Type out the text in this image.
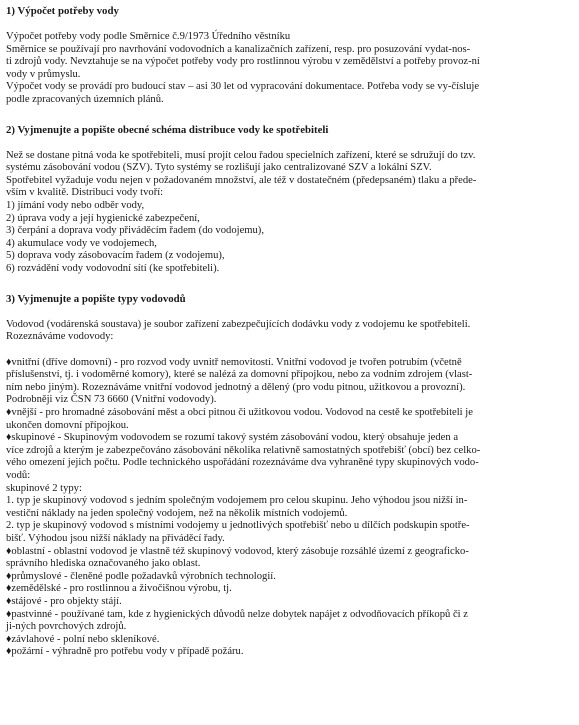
1) Výpočet potřeby vody
Výpočet potřeby vody podle Směrnice č.9/1973 Úředního věstníku
Směrnice se používají pro navrhování vodovodních a kanalizačních zařízení, resp. pro posuzování vydat-nos-
ti zdrojů vody. Nevztahuje se na výpočet potřeby vody pro rostlinnou výrobu v zemědělství a potřeby provoz-ní
vody v průmyslu.
Výpočet vody se provádí pro budoucí stav – asi 30 let od vypracování dokumentace. Potřeba vody se vy-čísluje
podle zpracovaných územních plánů.
2) Vyjmenujte a popište obecné schéma distribuce vody ke spotřebiteli
Než se dostane pitná voda ke spotřebiteli, musí projít celou řadou specielních zařízení, které se sdružují do tzv.
systému zásobování vodou (SZV). Tyto systémy se rozlišují jako centralizované SZV a lokální SZV.
Spotřebitel vyžaduje vodu nejen v požadovaném množství, ale též v dostatečném (předepsaném) tlaku a přede-
vším v kvalitě. Distribuci vody tvoří:
1) jímání vody nebo odběr vody,
2) úprava vody a její hygienické zabezpečení,
3) čerpání a doprava vody přiváděcím řadem (do vodojemu),
4) akumulace vody ve vodojemech,
5) doprava vody zásobovacím řadem (z vodojemu),
6) rozvádění vody vodovodní sítí (ke spotřebiteli).
3) Vyjmenujte a popište typy vodovodů
Vodovod (vodárenská soustava) je soubor zařízení zabezpečujících dodávku vody z vodojemu ke spotřebiteli.
Rozeznáváme vodovody:
♦vnitřní (dříve domovní) - pro rozvod vody uvnitř nemovitostí. Vnitřní vodovod je tvořen potrubím (včetně
příslušenství, tj. i vodoměrné komory), které se nalézá za domovní přípojkou, nebo za vodním zdrojem (vlast-
ním nebo jiným). Rozeznáváme vnitřní vodovod jednotný a dělený (pro vodu pitnou, užitkovou a provozní).
Podrobněji viz ČSN 73 6660 (Vnitřní vodovody).
♦vnější - pro hromadné zásobování měst a obcí pitnou či užitkovou vodou. Vodovod na cestě ke spotřebiteli je
ukončen domovní přípojkou.
♦skupinové - Skupinovým vodovodem se rozumí takový systém zásobování vodou, který obsahuje jeden a
více zdrojů a kterým je zabezpečováno zásobování několika relativně samostatných spotřebišť (obcí) bez celko-
vého omezení jejich počtu. Podle technického uspořádání rozeznáváme dva vyhraněné typy skupinových vodo-
vodů:
skupinové 2 typy:
1. typ je skupinový vodovod s jedním společným vodojemem pro celou skupinu. Jeho výhodou jsou nižší in-
vestiční náklady na jeden společný vodojem, než na několik místních vodojemů.
2. typ je skupinový vodovod s místními vodojemy u jednotlivých spotřebišť nebo u dílčích podskupin spotře-
bišť. Výhodou jsou nižší náklady na přiváděcí řady.
♦oblastní - oblastní vodovod je vlastně též skupinový vodovod, který zásobuje rozsáhlé území z geograficko-
správního hlediska označovaného jako oblast.
♦průmyslové - členěné podle požadavků výrobních technologií.
♦zemědělské - pro rostlinnou a živočišnou výrobu, tj.
♦stájové - pro objekty stájí.
♦pastvinné - používané tam, kde z hygienických důvodů nelze dobytek napájet z odvodňovacích příkopů či z
ji-ných povrchových zdrojů.
♦závlahové - polní nebo skleníkové.
♦požární - výhradně pro potřebu vody v případě požáru.
